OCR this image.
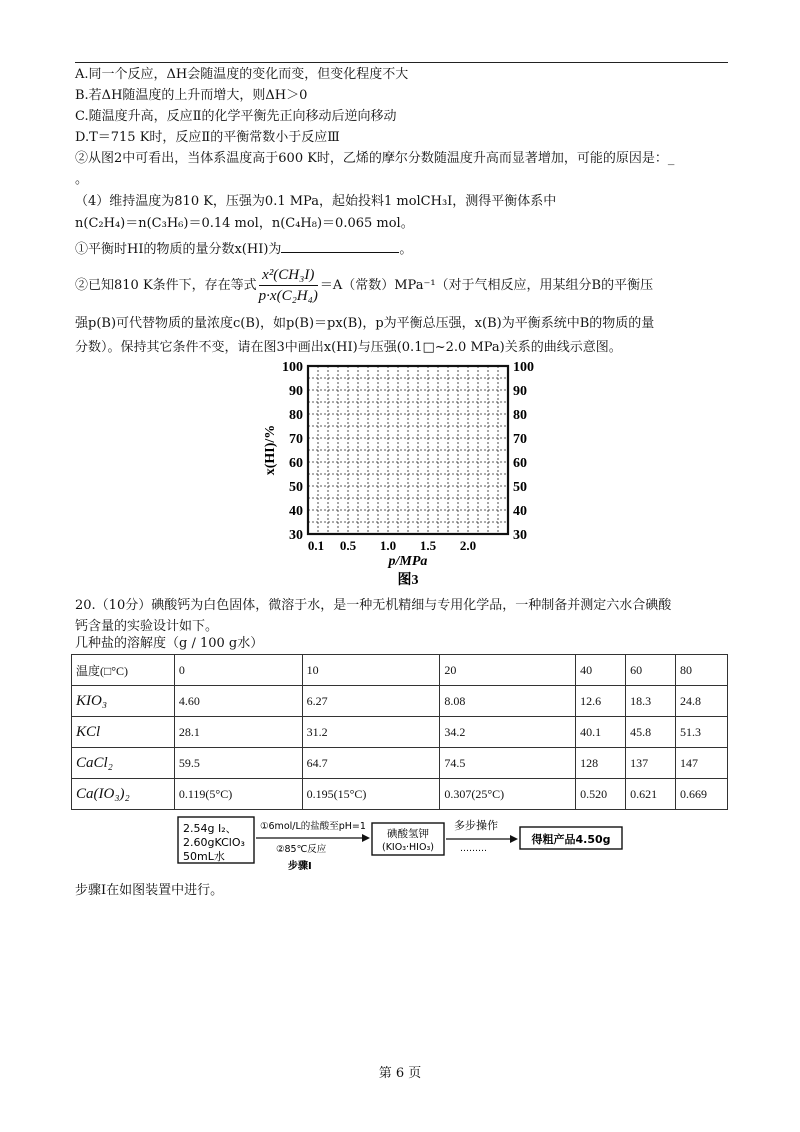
A.同一个反应，ΔH会随温度的变化而变，但变化程度不大
B.若ΔH随温度的上升而增大，则ΔH＞0
C.随温度升高，反应Ⅱ的化学平衡先正向移动后逆向移动
D.T＝715 K时，反应Ⅱ的平衡常数小于反应Ⅲ
②从图2中可看出，当体系温度高于600 K时，乙烯的摩尔分数随温度升高而显著增加，可能的原因是：_
。
（4）维持温度为810 K，压强为0.1 MPa，起始投料1 molCH₃I，测得平衡体系中
n(C₂H₄)＝n(C₃H₆)＝0.14 mol，n(C₄H₈)＝0.065 mol。
①平衡时HI的物质的量分数x(HI)为	。
②已知810 K条件下，存在等式 $\frac{\text{x²(CH₃I)}}{\text{p·x(C₂H₄)}} =A$（常数）MPa⁻¹（对于气相反应，用某组分B的平衡压
强p(B)可代替物质的量浓度c(B)，如p(B)＝px(B)，p为平衡总压强，x(B)为平衡系统中B的物质的量
分数）。保持其它条件不变，请在图3中画出x(HI)与压强(0.1□~2.0 MPa)关系的曲线示意图。
100
90
80
70
60
50
40
30
100
90
80
70
60
50
40
30
0.1 0.5 1.0 1.5 2.0
x(HI)/%
p/MPa
图3
20.（10分）碘酸钙为白色固体，微溶于水，是一种无机精细与专用化学品，一种制备并测定六水合碘酸
钙含量的实验设计如下。
几种盐的溶解度（g / 100 g水）
温度(□°C)	0	10	20	40	60	80
KIO₃	4.60	6.27	8.08	12.6	18.3	24.8
KCl	28.1	31.2	34.2	40.1	45.8	51.3
CaCl₂	59.5	64.7	74.5	128	137	147
Ca(IO₃)₂	0.119(5°C)	0.195(15°C)	0.307(25°C)	0.520	0.621	0.669
2.54g I₂、
2.60gKClO₃
50mL水
①6mol/L的盐酸至pH=1
②85℃反应
步骤Ⅰ
碘酸氢钾
(KIO₃·HIO₃)
多步操作
………
得粗产品4.50g
步骤Ⅰ在如图装置中进行。
第 6 页
